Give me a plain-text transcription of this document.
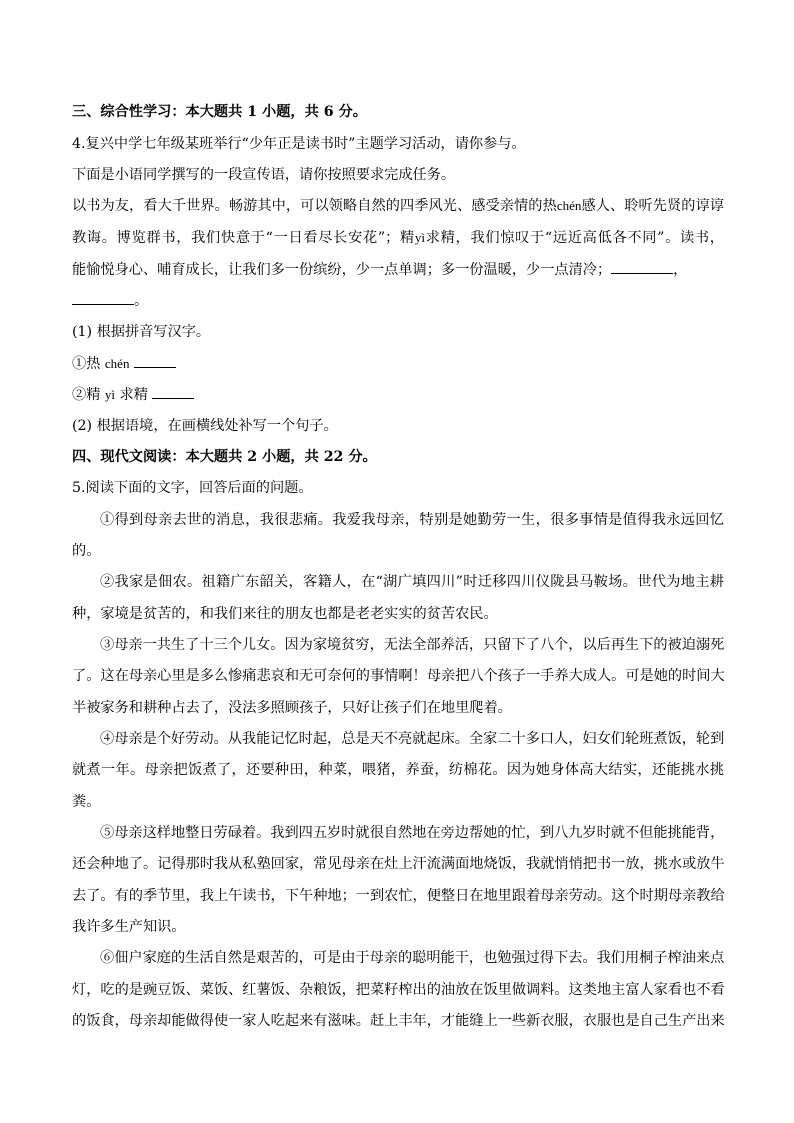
三、综合性学习：本大题共 1 小题，共 6 分。
4.复兴中学七年级某班举行“少年正是读书时”主题学习活动，请你参与。
下面是小语同学撰写的一段宣传语，请你按照要求完成任务。
以书为友，看大千世界。畅游其中，可以领略自然的四季风光、感受亲情的热chén感人、聆听先贤的谆谆
教诲。博览群书，我们快意于“一日看尽长安花”；精yì求精，我们惊叹于“远近高低各不同”。读书，
能愉悦身心、哺育成长，让我们多一份缤纷，少一点单调；多一份温暖，少一点清冷；	，
。
(1) 根据拼音写汉字。
①热 chén
②精 yì 求精
(2) 根据语境，在画横线处补写一个句子。
四、现代文阅读：本大题共 2 小题，共 22 分。
5.阅读下面的文字，回答后面的问题。
①得到母亲去世的消息，我很悲痛。我爱我母亲，特别是她勤劳一生，很多事情是值得我永远回忆
的。
②我家是佃农。祖籍广东韶关，客籍人，在“湖广填四川”时迁移四川仪陇县马鞍场。世代为地主耕
种，家境是贫苦的，和我们来往的朋友也都是老老实实的贫苦农民。
③母亲一共生了十三个儿女。因为家境贫穷，无法全部养活，只留下了八个，以后再生下的被迫溺死
了。这在母亲心里是多么惨痛悲哀和无可奈何的事情啊！母亲把八个孩子一手养大成人。可是她的时间大
半被家务和耕种占去了，没法多照顾孩子，只好让孩子们在地里爬着。
④母亲是个好劳动。从我能记忆时起，总是天不亮就起床。全家二十多口人，妇女们轮班煮饭，轮到
就煮一年。母亲把饭煮了，还要种田，种菜，喂猪，养蚕，纺棉花。因为她身体高大结实，还能挑水挑
粪。
⑤母亲这样地整日劳碌着。我到四五岁时就很自然地在旁边帮她的忙，到八九岁时就不但能挑能背，
还会种地了。记得那时我从私塾回家，常见母亲在灶上汗流满面地烧饭，我就悄悄把书一放，挑水或放牛
去了。有的季节里，我上午读书，下午种地；一到农忙，便整日在地里跟着母亲劳动。这个时期母亲教给
我许多生产知识。
⑥佃户家庭的生活自然是艰苦的，可是由于母亲的聪明能干，也勉强过得下去。我们用桐子榨油来点
灯，吃的是豌豆饭、菜饭、红薯饭、杂粮饭，把菜籽榨出的油放在饭里做调料。这类地主富人家看也不看
的饭食，母亲却能做得使一家人吃起来有滋味。赶上丰年，才能缝上一些新衣服，衣服也是自己生产出来
